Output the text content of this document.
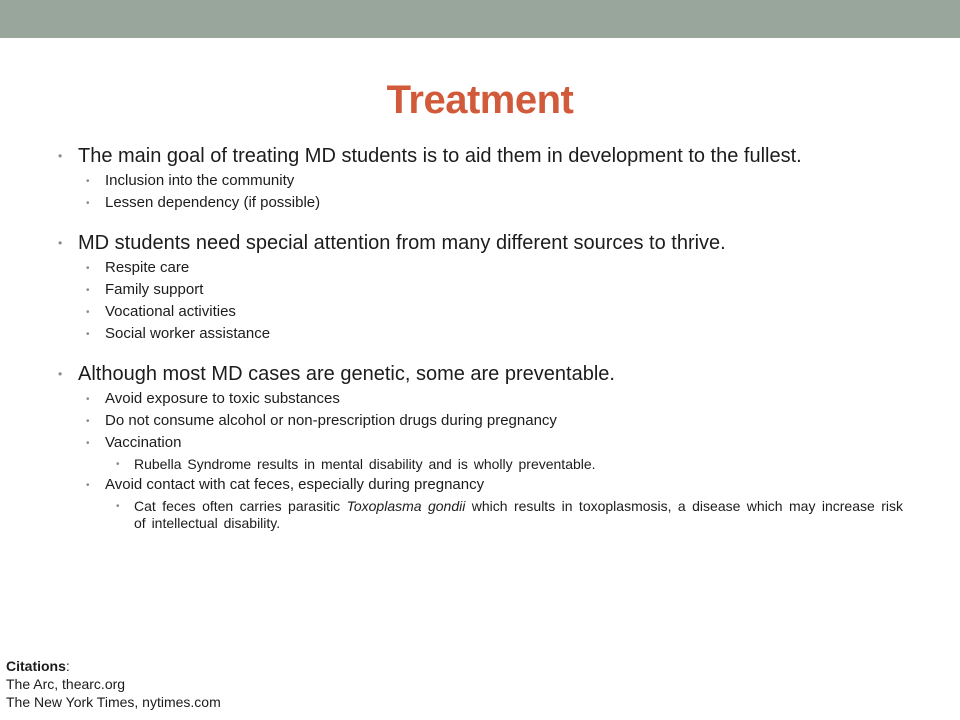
Treatment
• The main goal of treating MD students is to aid them in development to the fullest.
• Inclusion into the community
• Lessen dependency (if possible)
• MD students need special attention from many different sources to thrive.
• Respite care
• Family support
• Vocational activities
• Social worker assistance
• Although most MD cases are genetic, some are preventable.
• Avoid exposure to toxic substances
• Do not consume alcohol or non-prescription drugs during pregnancy
• Vaccination
• Rubella Syndrome results in mental disability and is wholly preventable.
• Avoid contact with cat feces, especially during pregnancy
• Cat feces often carries parasitic Toxoplasma gondii which results in toxoplasmosis, a disease which may increase risk of intellectual disability.
Citations:
The Arc, thearc.org
The New York Times, nytimes.com
